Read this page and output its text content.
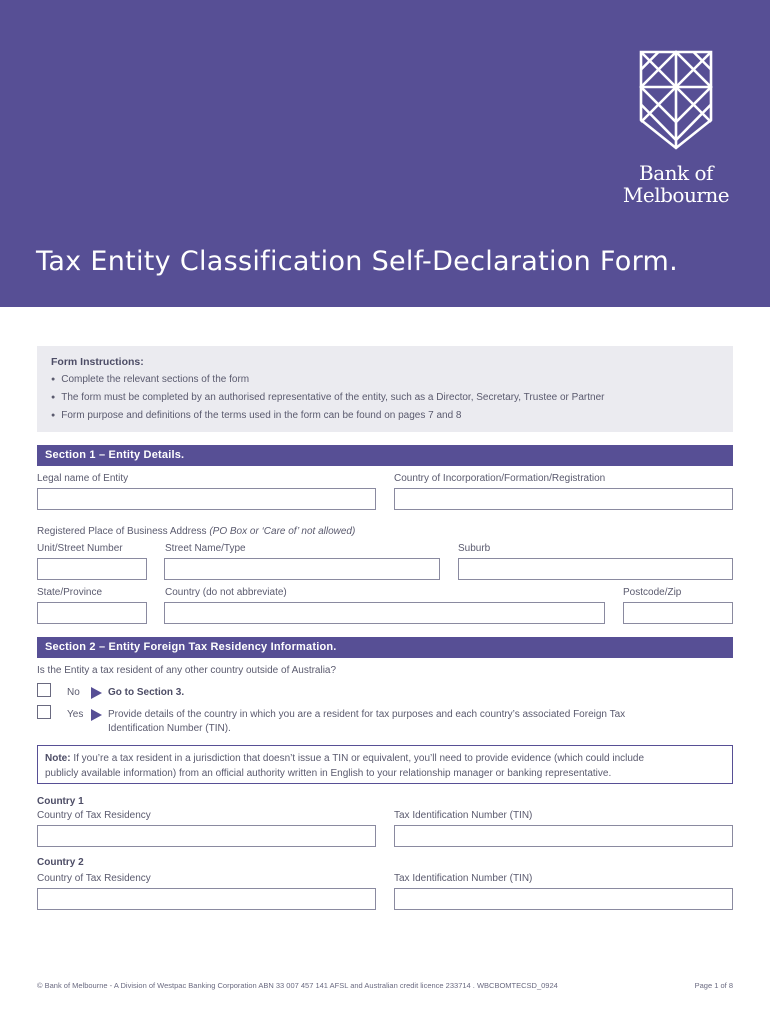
Bank of
Melbourne
Tax Entity Classification Self-Declaration Form.
Form Instructions:
● Complete the relevant sections of the form
● The form must be completed by an authorised representative of the entity, such as a Director, Secretary, Trustee or Partner
● Form purpose and definitions of the terms used in the form can be found on pages 7 and 8
Section 1 – Entity Details.
Legal name of Entity	Country of Incorporation/Formation/Registration
Registered Place of Business Address (PO Box or ‘Care of’ not allowed)
Unit/Street Number	Street Name/Type	Suburb
State/Province	Country (do not abbreviate)	Postcode/Zip
Section 2 – Entity Foreign Tax Residency Information.
Is the Entity a tax resident of any other country outside of Australia?
No	Go to Section 3.
Yes Provide details of the country in which you are a resident for tax purposes and each country’s associated Foreign Tax
Identification Number (TIN).
Note: If you’re a tax resident in a jurisdiction that doesn’t issue a TIN or equivalent, you’ll need to provide evidence (which could include
publicly available information) from an official authority written in English to your relationship manager or banking representative.
Country 1
Country of Tax Residency	Tax Identification Number (TIN)
Country 2
Country of Tax Residency	Tax Identification Number (TIN)
© Bank of Melbourne - A Division of Westpac Banking Corporation ABN 33 007 457 141 AFSL and Australian credit licence 233714 . WBCBOMTECSD_0924	Page 1 of 8
